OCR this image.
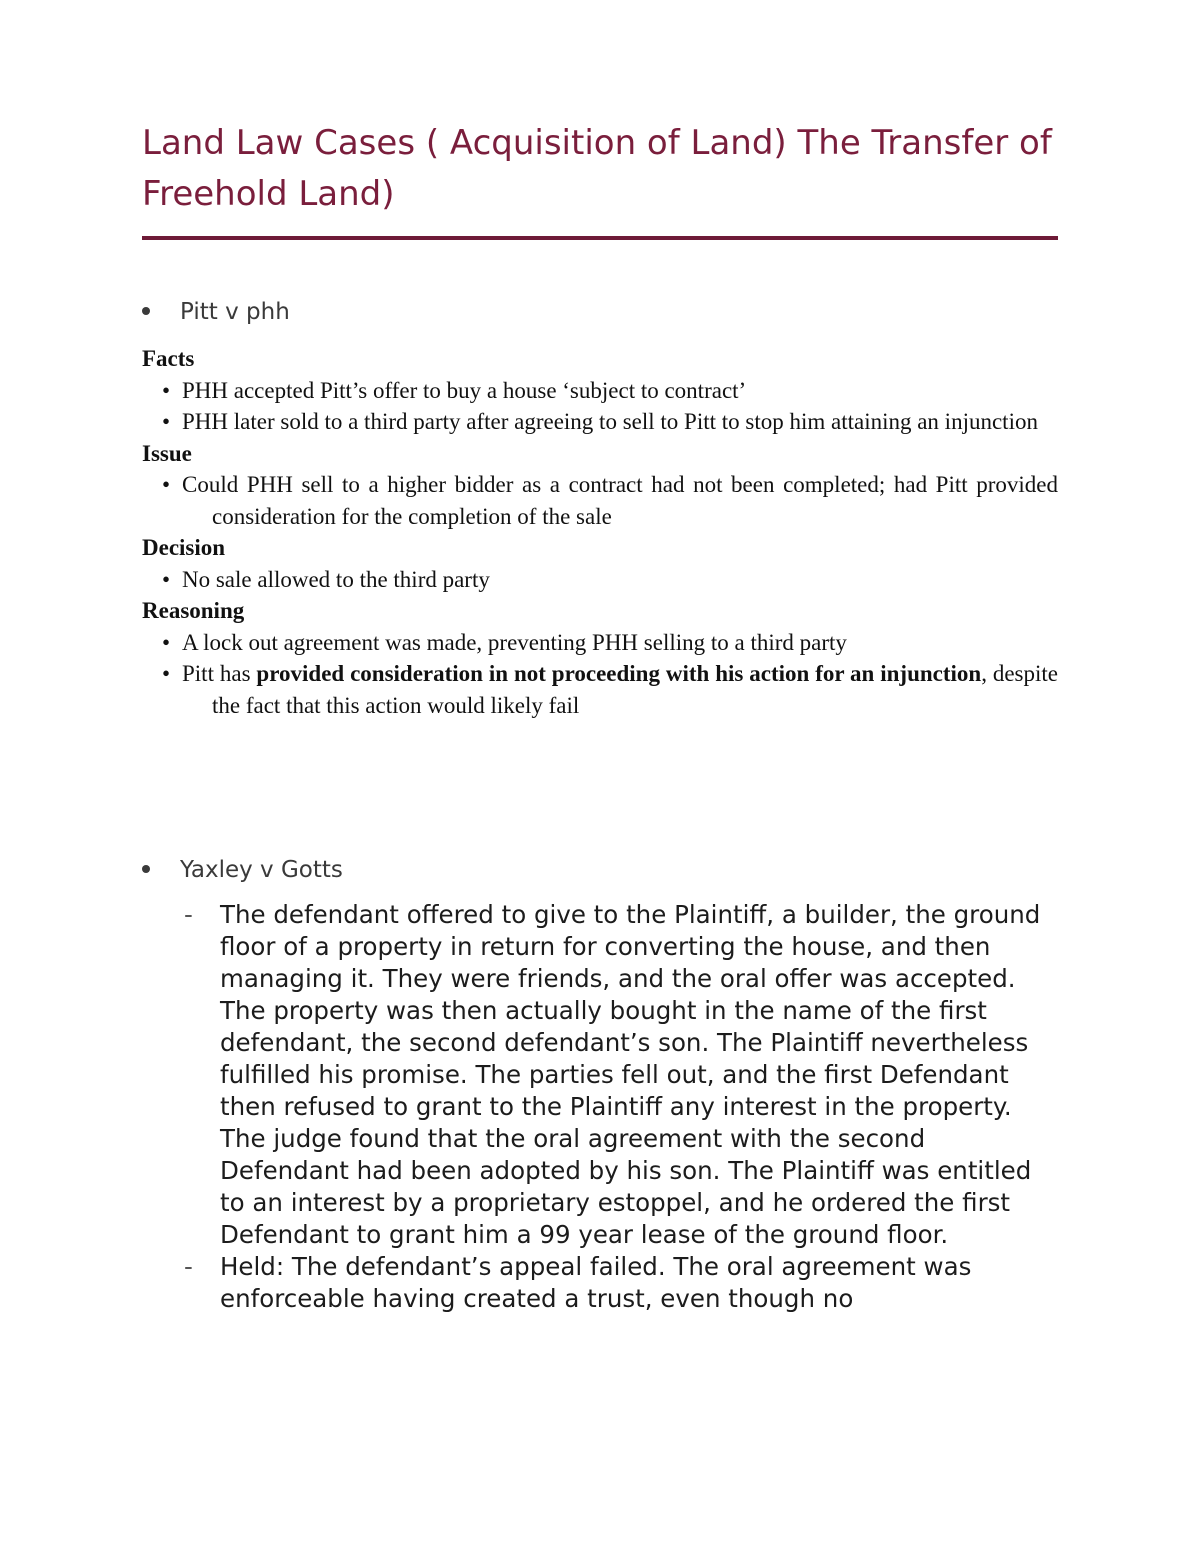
Land Law Cases ( Acquisition of Land) The Transfer of Freehold Land)
Pitt v phh
Facts
• PHH accepted Pitt’s offer to buy a house ‘subject to contract’
• PHH later sold to a third party after agreeing to sell to Pitt to stop him attaining an injunction
Issue
• Could PHH sell to a higher bidder as a contract had not been completed; had Pitt provided consideration for the completion of the sale
Decision
• No sale allowed to the third party
Reasoning
• A lock out agreement was made, preventing PHH selling to a third party
• Pitt has provided consideration in not proceeding with his action for an injunction, despite the fact that this action would likely fail
Yaxley v Gotts
- The defendant offered to give to the Plaintiff, a builder, the ground floor of a property in return for converting the house, and then managing it. They were friends, and the oral offer was accepted. The property was then actually bought in the name of the first defendant, the second defendant’s son. The Plaintiff nevertheless fulfilled his promise. The parties fell out, and the first Defendant then refused to grant to the Plaintiff any interest in the property. The judge found that the oral agreement with the second Defendant had been adopted by his son. The Plaintiff was entitled to an interest by a proprietary estoppel, and he ordered the first Defendant to grant him a 99 year lease of the ground floor.
- Held: The defendant’s appeal failed. The oral agreement was enforceable having created a trust, even though no
